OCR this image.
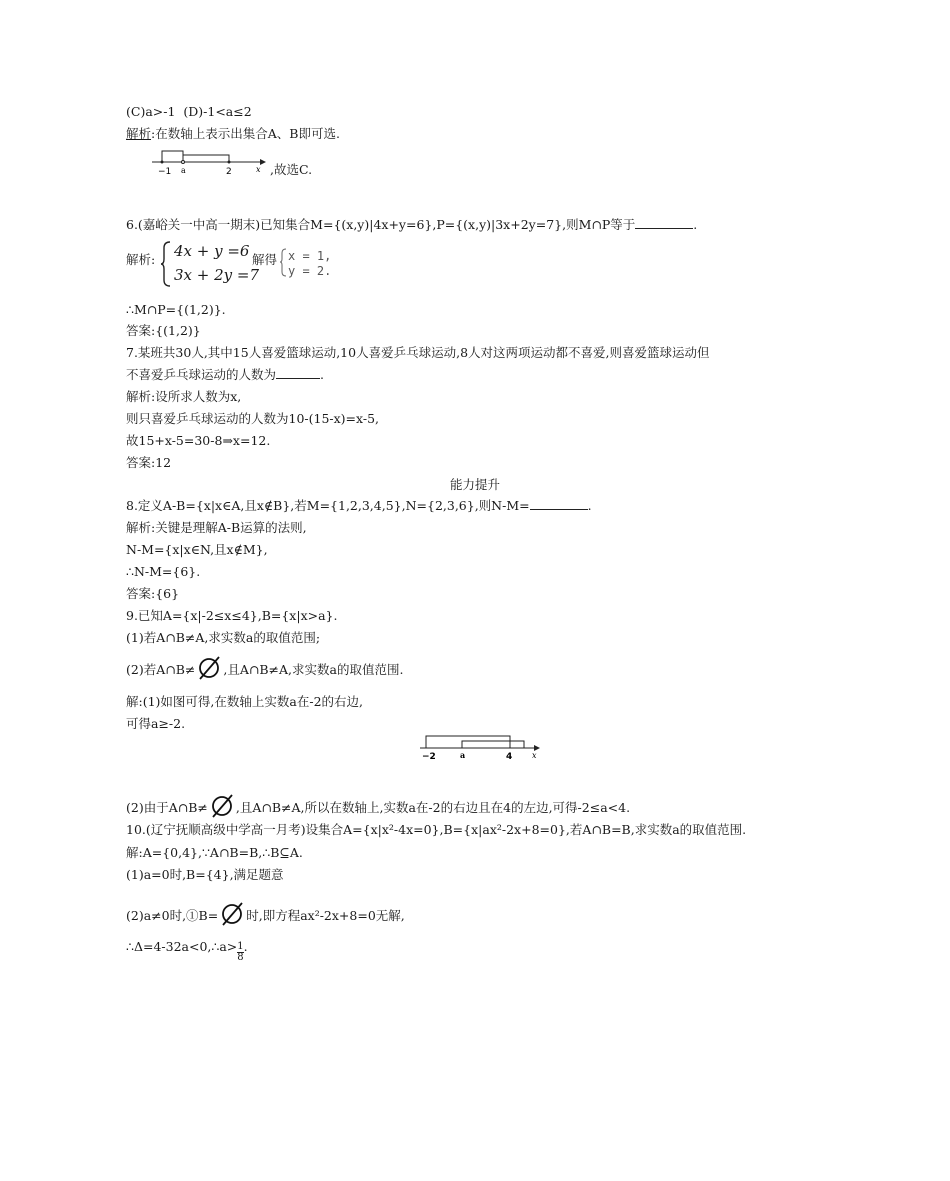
(C)a>-1  (D)-1<a≤2
解析:在数轴上表示出集合A、B即可选.
−1 a	2	x ,故选C.
6.(嘉峪关一中高一期末)已知集合M={(x,y)|4x+y=6},P={(x,y)|3x+2y=7},则M∩P等于	.
解析: 4x + y =6
3x + 2y =7
解得 x = 1,
y = 2.
∴M∩P={(1,2)}.
答案:{(1,2)}
7.某班共30人,其中15人喜爱篮球运动,10人喜爱乒乓球运动,8人对这两项运动都不喜爱,则喜爱篮球运动但
不喜爱乒乓球运动的人数为	.
解析:设所求人数为x,
则只喜爱乒乓球运动的人数为10-(15-x)=x-5,
故15+x-5=30-8⇒x=12.
答案:12
能力提升
8.定义A-B={x|x∈A,且x∉B},若M={1,2,3,4,5},N={2,3,6},则N-M=	.
解析:关键是理解A-B运算的法则,
N-M={x|x∈N,且x∉M},
∴N-M={6}.
答案:{6}
9.已知A={x|-2≤x≤4},B={x|x>a}.
(1)若A∩B≠A,求实数a的取值范围;
(2)若A∩B≠ ,且A∩B≠A,求实数a的取值范围.
解:(1)如图可得,在数轴上实数a在-2的右边,
可得a≥-2.
−2	a	4 x
(2)由于A∩B≠ ,且A∩B≠A,所以在数轴上,实数a在-2的右边且在4的左边,可得-2≤a<4.
10.(辽宁抚顺高级中学高一月考)设集合A={x|x²-4x=0},B={x|ax²-2x+8=0},若A∩B=B,求实数a的取值范围.
解:A={0,4},∵A∩B=B,∴B⊆A.
(1)a=0时,B={4},满足题意
(2)a≠0时,①B= 时,即方程ax²-2x+8=0无解,
∴Δ=4-32a<0,∴a> $\frac{1}{8}$ .
